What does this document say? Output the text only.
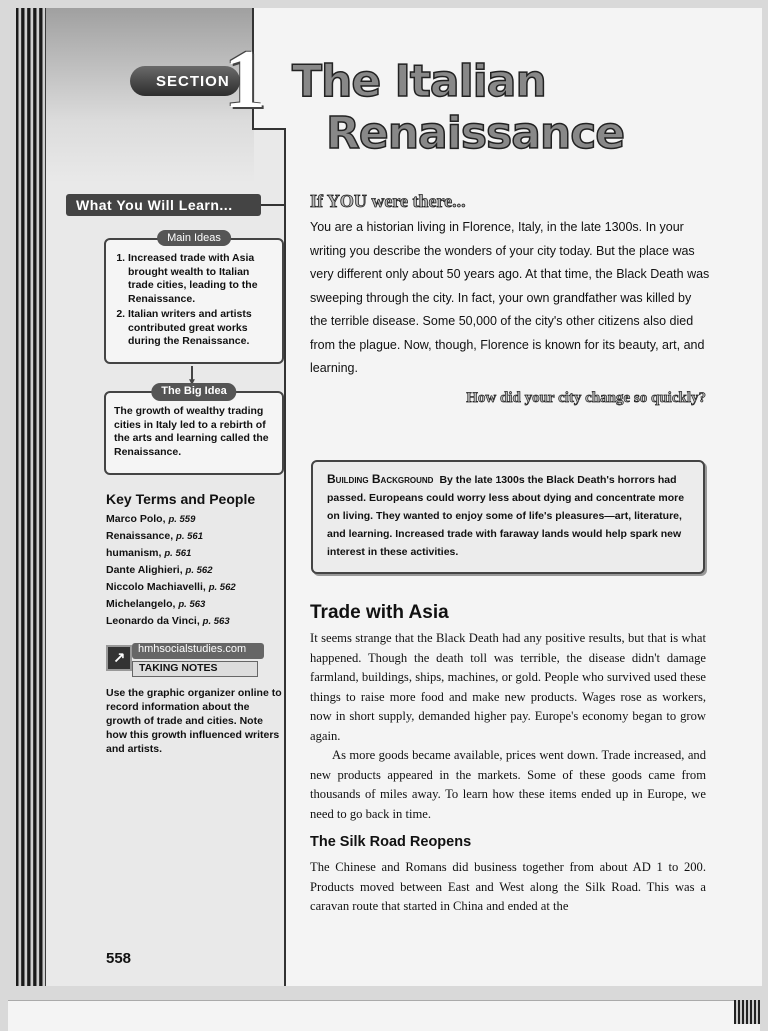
SECTION
1
What You Will Learn...
Main Ideas
1. Increased trade with Asia brought wealth to Italian trade cities, leading to the Renaissance.
2. Italian writers and artists contributed great works during the Renaissance.
The Big Idea
The growth of wealthy trading cities in Italy led to a rebirth of the arts and learning called the Renaissance.
Key Terms and People
Marco Polo, p. 559
Renaissance, p. 561
humanism, p. 561
Dante Alighieri, p. 562
Niccolo Machiavelli, p. 562
Michelangelo, p. 563
Leonardo da Vinci, p. 563
↗
hmhsocialstudies.com
TAKING NOTES
Use the graphic organizer online to record information about the growth of trade and cities. Note how this growth influenced writers and artists.
558
The Italian
Renaissance
If YOU were there...
You are a historian living in Florence, Italy, in the late 1300s. In your writing you describe the wonders of your city today. But the place was very different only about 50 years ago. At that time, the Black Death was sweeping through the city. In fact, your own grandfather was killed by the terrible disease. Some 50,000 of the city's other citizens also died from the plague. Now, though, Florence is known for its beauty, art, and learning.
How did your city change so quickly?
Building Background By the late 1300s the Black Death's horrors had passed. Europeans could worry less about dying and concentrate more on living. They wanted to enjoy some of life's pleasures—art, literature, and learning. Increased trade with faraway lands would help spark new interest in these activities.
Trade with Asia

It seems strange that the Black Death had any positive results, but that is what happened. Though the death toll was terrible, the disease didn't damage farmland, buildings, ships, machines, or gold. People who survived used these things to raise more food and make new products. Wages rose as workers, now in short supply, demanded higher pay. Europe's economy began to grow again.

As more goods became available, prices went down. Trade increased, and new products appeared in the markets. Some of these goods came from thousands of miles away. To learn how these items ended up in Europe, we need to go back in time.

The Silk Road Reopens
The Chinese and Romans did business together from about AD 1 to 200. Products moved between East and West along the Silk Road. This was a caravan route that started in China and ended at the
